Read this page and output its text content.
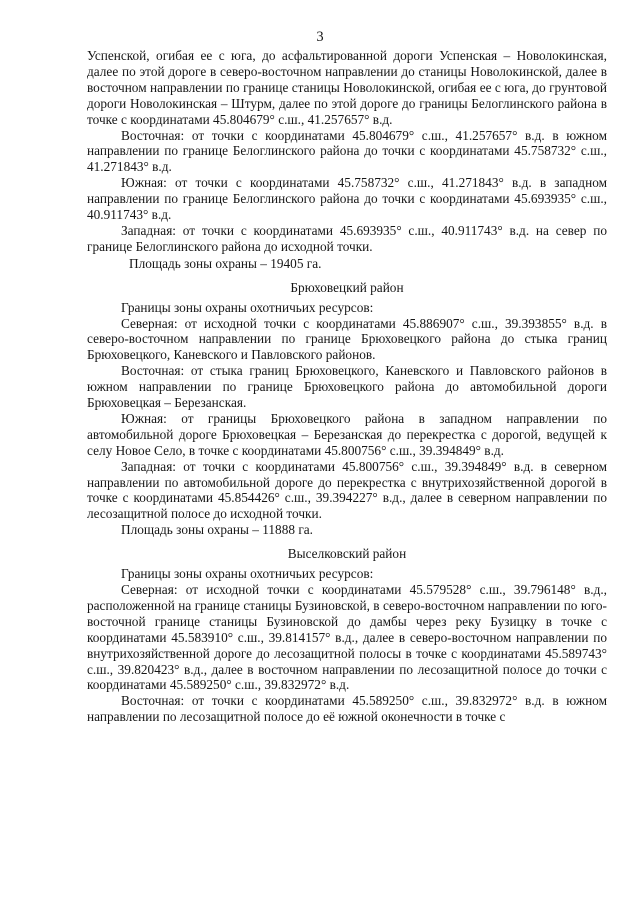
3

Успенской, огибая ее с юга, до асфальтированной дороги Успенская – Новолокинская, далее по этой дороге в северо-восточном направлении до станицы Новолокинской, далее в восточном направлении по границе станицы Новолокинской, огибая ее с юга, до грунтовой дороги Новолокинская – Штурм, далее по этой дороге до границы Белоглинского района в точке с координатами 45.804679° с.ш., 41.257657° в.д.

Восточная: от точки с координатами 45.804679° с.ш., 41.257657° в.д. в южном направлении по границе Белоглинского района до точки с координатами 45.758732° с.ш., 41.271843° в.д.

Южная: от точки с координатами 45.758732° с.ш., 41.271843° в.д. в западном направлении по границе Белоглинского района до точки с координатами 45.693935° с.ш., 40.911743° в.д.

Западная: от точки с координатами 45.693935° с.ш., 40.911743° в.д. на север по границе Белоглинского района до исходной точки.

Площадь зоны охраны – 19405 га.

Брюховецкий район

Границы зоны охраны охотничьих ресурсов:

Северная: от исходной точки с координатами 45.886907° с.ш., 39.393855° в.д. в северо-восточном направлении по границе Брюховецкого района до стыка границ Брюховецкого, Каневского и Павловского районов.

Восточная: от стыка границ Брюховецкого, Каневского и Павловского районов в южном направлении по границе Брюховецкого района до автомобильной дороги Брюховецкая – Березанская.

Южная: от границы Брюховецкого района в западном направлении по автомобильной дороге Брюховецкая – Березанская до перекрестка с дорогой, ведущей к селу Новое Село, в точке с координатами 45.800756° с.ш., 39.394849° в.д.

Западная: от точки с координатами 45.800756° с.ш., 39.394849° в.д. в северном направлении по автомобильной дороге до перекрестка с внутрихозяйственной дорогой в точке с координатами 45.854426° с.ш., 39.394227° в.д., далее в северном направлении по лесозащитной полосе до исходной точки.

Площадь зоны охраны – 11888 га.

Выселковский район

Границы зоны охраны охотничьих ресурсов:

Северная: от исходной точки с координатами 45.579528° с.ш., 39.796148° в.д., расположенной на границе станицы Бузиновской, в северо-восточном направлении по юго-восточной границе станицы Бузиновской до дамбы через реку Бузицку в точке с координатами 45.583910° с.ш., 39.814157° в.д., далее в северо-восточном направлении по внутрихозяйственной дороге до лесозащитной полосы в точке с координатами 45.589743° с.ш., 39.820423° в.д., далее в восточном направлении по лесозащитной полосе до точки с координатами 45.589250° с.ш., 39.832972° в.д.

Восточная: от точки с координатами 45.589250° с.ш., 39.832972° в.д. в южном направлении по лесозащитной полосе до её южной оконечности в точке с
